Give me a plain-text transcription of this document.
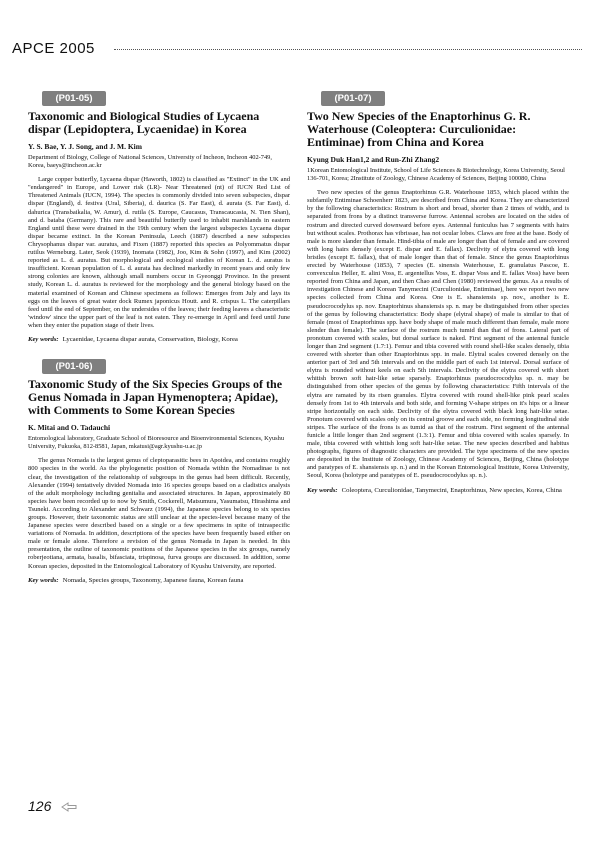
APCE 2005
(P01-05)
Taxonomic and Biological Studies of Lycaena dispar (Lepidoptera, Lycaenidae) in Korea
Y. S. Bae, Y. J. Song, and J. M. Kim
Department of Biology, College of National Sciences, University of Incheon, Incheon 402-749, Korea, baeys@incheon.ac.kr

Large copper butterfly, Lycaena dispar (Haworth, 1802) is classified as "Extinct" in the UK and "endangered" in Europe, and Lower risk (LR)- Near Threatened (nt) of IUCN Red List of Threatened Animals (IUCN, 1994). The species is commonly divided into seven subspecies, dispar dispar (England), d. festiva (Ural, Siberia), d. daurica (S. Far East), d. aurata (S. Far East), d. dahurica (Transbaikalia, W. Amur), d. rutila (S. Europe, Caucasus, Transcaucasia, N. Tien Shan), and d. bataba (Germany). This rare and beautiful butterfly used to inhabit marshlands in eastern England until these were drained in the 19th century when the largest subspecies Lycaena dispar dispar became extinct. In the Korean Peninsula, Leech (1887) described a new subspecies Chrysophanus dispar var. auratus, and Fixen (1887) reported this species as Polyommatus dispar rutilus Werneburg. Later, Seok (1939), Inomata (1982), Joo, Kim & Sohn (1997), and Kim (2002) reported as L. d. auratus. But morphological and ecological studies of Korean L. d. auratus is insufficient. Korean population of L. d. aurata has declined markedly in recent years and only few strong colonies are known, although small numbers occur in Gyeonggi Province. In the present study, Korean L. d. auratus is reviewed for the morphology and the general biology based on the material examined of Korean and Chinese specimens as follows: Emerges from July and lays its eggs on the leaves of great water dock Rumex japonicus Houtt. and R. crispus L. The caterpillars feed until the end of September, on the undersides of the leaves; their feeding leaves a characteristic 'window' since the upper part of the leaf is not eaten. They re-emerge in April and feed until June when they enter the pupation stage of their lives.

Key words: Lycaenidae, Lycaena dispar aurata, Conservation, Biology, Korea
(P01-06)
Taxonomic Study of the Six Species Groups of the Genus Nomada in Japan Hymenoptera; Apidae), with Comments to Some Korean Species
K. Mitai and O. Tadauchi
Entomological laboratory, Graduate School of Bioresource and Bioenvironmental Sciences, Kyushu University, Fukuoka, 812-8581, Japan, mkatusi@agr.kyushu-u.ac.jp

The genus Nomada is the largest genus of cleptoparasitic bees in Apoidea, and contains roughly 800 species in the world. As the phylogenetic position of Nomada within the Nomadinae is not clear, the investigation of the relationship of subgroups in the genus had been difficult. Recently, Alexander (1994) tentatively divided Nomada into 16 species groups based on a cladistics analysis of the adult morphology including genitalia and associated structures. In Japan, approximately 80 species have been recorded up to now by Smith, Cockerell, Matsumura, Yasumatsu, Hirashima and Tsuneki. According to Alexander and Schwarz (1994), the Japanese species belong to six species groups. However, their taxonomic status are still unclear at the species-level because many of the Japanese species were described based on a single or a few specimens in spite of intraspecific variations of Nomada. In addition, descriptions of the species have been frequently based either on male or female alone. Therefore a revision of the genus Nomada in Japan is needed. In this presentation, the outline of taxonomic positions of the Japanese species in the six groups, namely roberjeotiana, armata, basalis, bifasciata, trispinosa, furva groups are discussed. In addition, some Korean species, deposited in the Entomological Laboratory of Kyushu University, are reported.

Key words: Nomada, Species groups, Taxonomy, Japanese fauna, Korean fauna
(P01-07)
Two New Species of the Enaptorhinus G. R. Waterhouse (Coleoptera: Curculionidae: Entiminae) from China and Korea
Kyung Duk Han1,2 and Run-Zhi Zhang2
1Korean Entomological Institute, School of Life Sciences & Biotechnology, Korea University, Seoul 136-701, Korea; 2Institute of Zoology, Chinese Academy of Sciences, Beijing 100080, China

Two new species of the genus Enaptorhinus G.R. Waterhouse 1853, which placed within the subfamily Entiminae Schoenherr 1823, are described from China and Korea. They are characterized by the following characteristics: Rostrum is short and broad, shorter than 2 times of width, and is separated from frons by a distinct transverse furrow. Antennal scrobes are located on the sides of rostrum and directed curved downward before eyes. Antennal funiculus has 7 segments with hairs but without scales. Prothorax has vibrissae, has not ocular lobes. Claws are free at the base. Body of male is more slander than female. Hind-tibia of male are longer than that of female and are covered with long hairs densely (except E. dispar and E. fallax). Declivity of elytra covered with long bristles (except E. fallax), that of male longer than that of female. Since the genus Enaptorhinus erected by Waterhouse (1853), 7 species (E. sinensis Waterhouse, E. granulatus Pascoe, E. convexculus Heller, E. alini Voss, E. argentellus Voss, E. dispar Voss and E. fallax Voss) have been reported from China and Japan, and then Chao and Chen (1980) reviewed the genus. As a results of investigation Chinese and Korean Tanymecini (Curculionidae, Entiminae), here we report two new species collected from China and Korea. One is E. shansiensis sp. nov., another is E. pseudocrocodylus sp. nov. Enaptorhinus shansiensis sp. n. may be distinguished from other species of the genus by following characteristics: Body shape (elytral shape) of male is similar to that of female (most of Enaptorhinus spp. have body shape of male much different than female, male more slender than female). The surface of the rostrum much tumid than that of frons. Lateral part of pronotum covered with scales, but dorsal surface is naked. First segment of the antennal funicle longer than 2nd segment (1.7:1). Femur and tibia covered with round shell-like scales densely, tibia covered with shorter than other Enaptorhinus spp. in male. Elytral scales covered densely on the anterior part of 3rd and 5th intervals and on the middle part of each 1st interval. Dorsal surface of elytra is rounded without keels on each 5th intervals. Declivity of the elytra covered with short whitish brown soft hair-like setae sparsely. Enaptorhinus pseudocrocodylus sp. n. may be distinguished from other species of the genus by following characteristics: Fifth intervals of the elytra are ramated by its risen granules. Elytra covered with round shell-like pink pearl scales densely from 1st to 4th intervals and both side, and forming V-shape stripes on it's hips or a linear stripe horizontally on each side. Declivity of the elytra covered with black long hair-like setae. Pronotum covered with scales only on its central groove and each side, no forming longitudinal side stripes. The surface of the frons is as tumid as that of the rostrum. First segment of the antennal funicle a little longer than 2nd segment (1.3:1). Femur and tibia covered with scales sparsely. In male, tibia covered with whitish long soft hair-like setae. The new species described and habitus photographs, figures of diagnostic characters are provided. The type specimens of the new species are deposited in the Institute of Zoology, Chinese Academy of Sciences, Beijing, China (holotype and paratypes of E. shansiensis sp. n.) and in the Korean Entomological Institute, Korea University, Seoul, Korea (holotype and paratypes of E. pseudocrocodylus sp. n.).

Key words: Coleoptera, Curculionidae, Tanymecini, Enaptorhinus, New species, Korea, China
126
